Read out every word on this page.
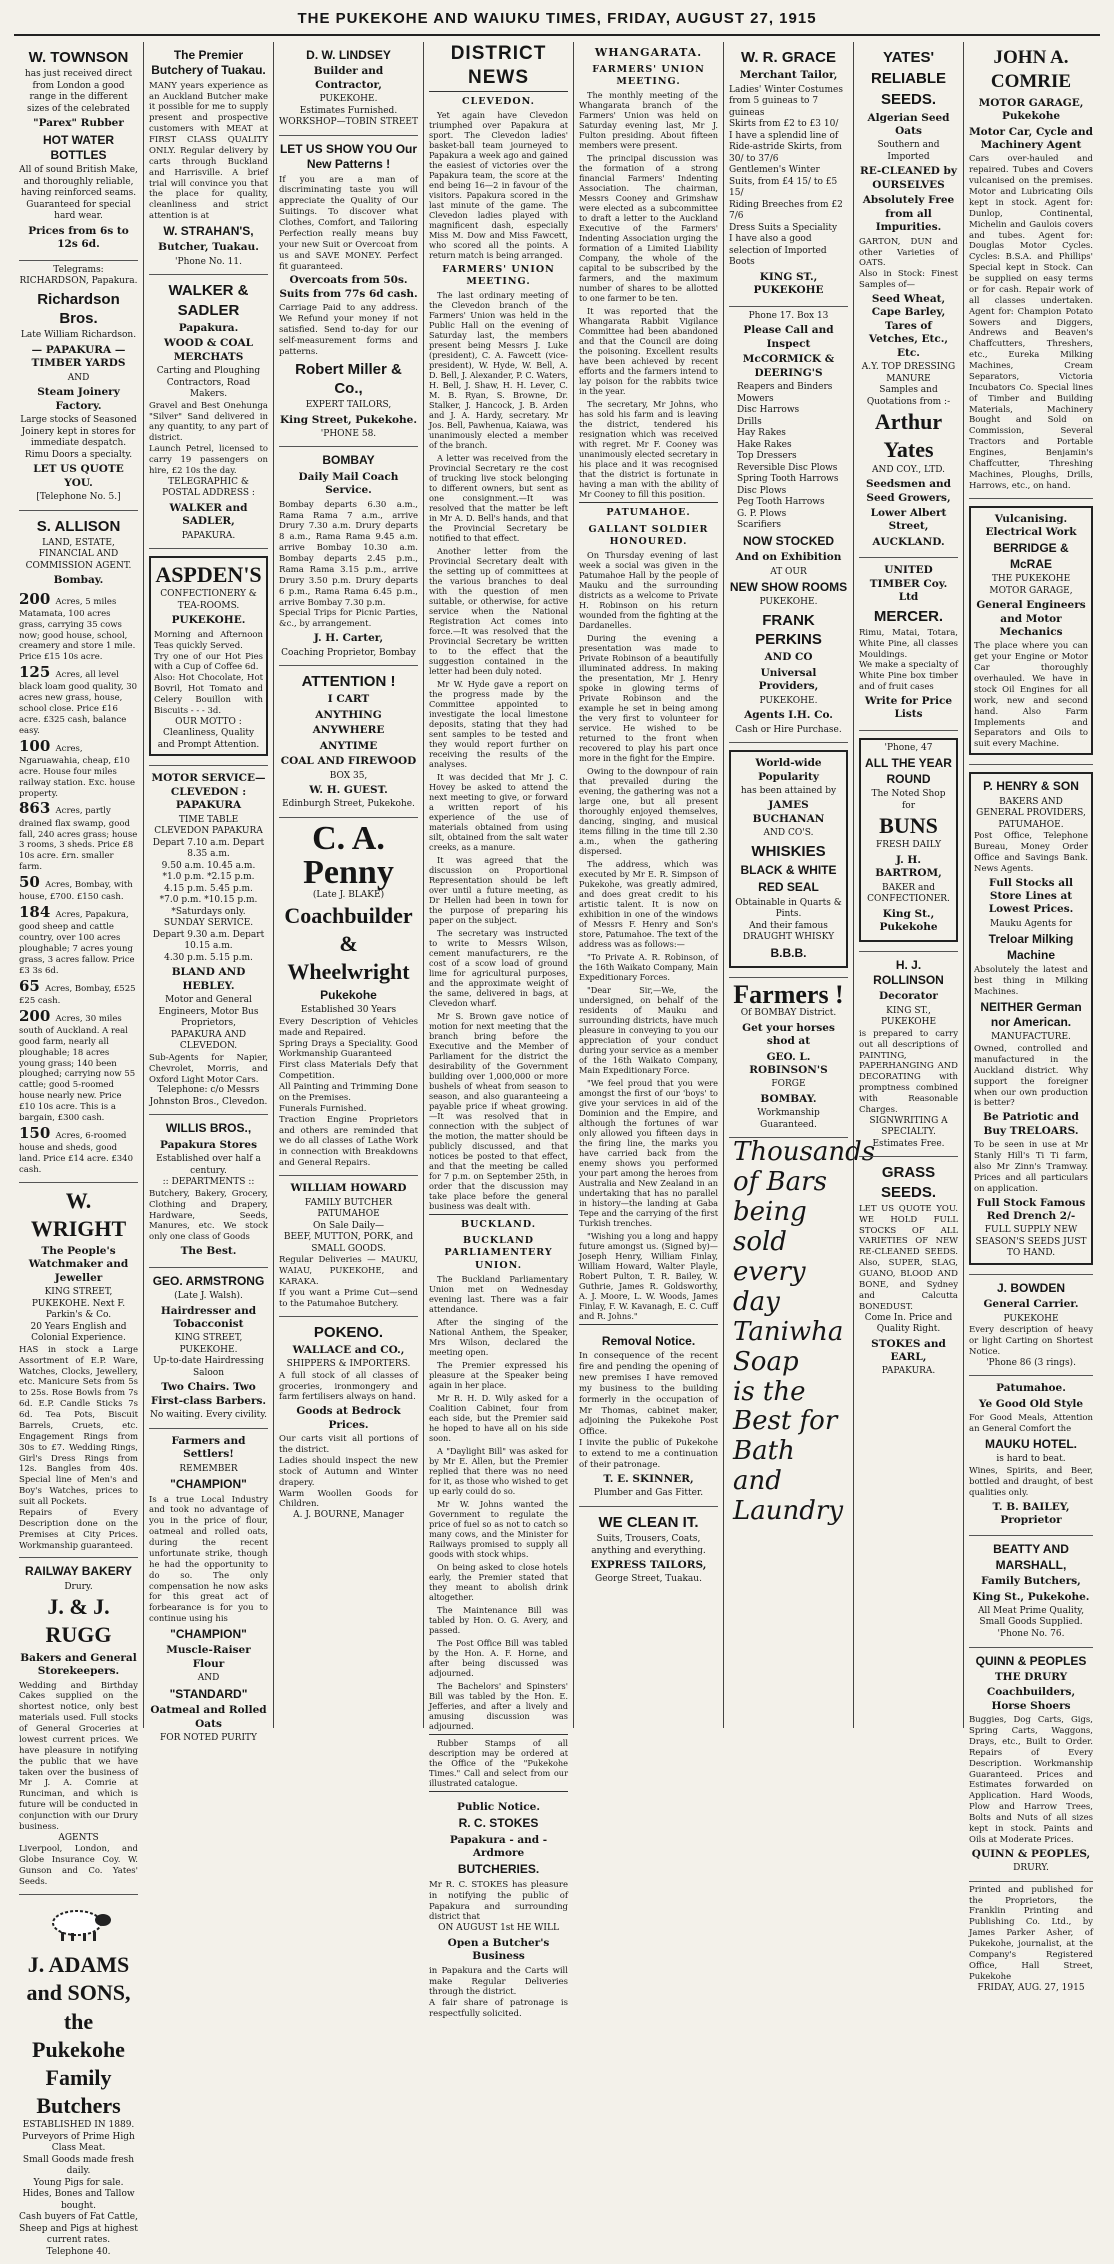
THE PUKEKOHE AND WAIUKU TIMES, FRIDAY, AUGUST 27, 1915
W. TOWNSON
has just received direct from London a good range in the different sizes of the celebrated
"Parex" Rubber
HOT WATER BOTTLES
All of sound British Make, and thoroughly reliable, having reinforced seams. Guaranteed for special hard wear.
Prices from 6s to 12s 6d.
Telegrams: RICHARDSON, Papakura.
Richardson Bros.
Late William Richardson.
— PAPAKURA — TIMBER YARDS
AND
Steam Joinery Factory.
Large stocks of Seasoned Joinery kept in stores for immediate despatch. Rimu Doors a specialty.
LET US QUOTE YOU.
[Telephone No. 5.]
S. ALLISON
LAND, ESTATE, FINANCIAL AND COMMISSION AGENT.
Bombay.
200 Acres, 5 miles Matamata, 100 acres grass, carrying 35 cows now; good house, school, creamery and store 1 mile. Price £15 10s acre.
125 Acres, all level black loam good quality, 30 acres new grass, house, school close. Price £16 acre. £325 cash, balance easy.
100 Acres, Ngaruawahia, cheap, £10 acre. House four miles railway station. Exc. house property.
863 Acres, partly drained flax swamp, good fall, 240 acres grass; house 3 rooms, 3 sheds. Price £8 10s acre. £rn. smaller farm.
50 Acres, Bombay, with house, £700. £150 cash.
184 Acres, Papakura, good sheep and cattle country, over 100 acres ploughable; 7 acres young grass, 3 acres fallow. Price £3 3s 6d.
65 Acres, Bombay, £525 £25 cash.
200 Acres, 30 miles south of Auckland. A real good farm, nearly all ploughable; 18 acres young grass; 140 been ploughed; carrying now 55 cattle; good 5-roomed house nearly new. Price £10 10s acre. This is a bargain, £300 cash.
150 Acres, 6-roomed house and sheds, good land. Price £14 acre. £340 cash.
W. WRIGHT
The People's Watchmaker and Jeweller
KING STREET, PUKEKOHE. Next F. Parkin's & Co.
20 Years English and Colonial Experience.
HAS in stock a Large Assortment of E.P. Ware, Watches, Clocks, Jewellery, etc. Manicure Sets from 5s to 25s. Rose Bowls from 7s 6d. E.P. Candle Sticks 7s 6d. Tea Pots, Biscuit Barrels, Cruets, etc. Engagement Rings from 30s to £7. Wedding Rings, Girl's Dress Rings from 12s. Bangles from 40s. Special line of Men's and Boy's Watches, prices to suit all Pockets.
Repairs of Every Description done on the Premises at City Prices. Workmanship guaranteed.
RAILWAY BAKERY
Drury.
J. & J. RUGG
Bakers and General Storekeepers.
Wedding and Birthday Cakes supplied on the shortest notice, only best materials used. Full stocks of General Groceries at lowest current prices. We have pleasure in notifying the public that we have taken over the business of Mr J. A. Comrie at Runciman, and which is future will be conducted in conjunction with our Drury business.
AGENTS
Liverpool, London, and Globe Insurance Coy. W. Gunson and Co. Yates' Seeds.
J. ADAMS
and SONS,
the Pukekohe
Family Butchers
ESTABLISHED IN 1889.
Purveyors of Prime High Class Meat.
Small Goods made fresh daily.
Young Pigs for sale. Hides, Bones and Tallow bought.
Cash buyers of Fat Cattle, Sheep and Pigs at highest current rates.
Telephone 40.
The Premier Butchery of Tuakau.
MANY years experience as an Auckland Butcher make it possible for me to supply present and prospective customers with MEAT at FIRST CLASS QUALITY ONLY. Regular delivery by carts through Buckland and Harrisville. A brief trial will convince you that the place for quality, cleanliness and strict attention is at
W. STRAHAN'S,
Butcher, Tuakau.
'Phone No. 11.
WALKER & SADLER
Papakura.
WOOD & COAL MERCHATS
Carting and Ploughing Contractors, Road Makers.
Gravel and Best Onehunga "Silver" Sand delivered in any quantity, to any part of district.
Launch Petrel, licensed to carry 19 passengers on hire, £2 10s the day.
TELEGRAPHIC & POSTAL ADDRESS :
WALKER and SADLER,
PAPAKURA.
ASPDEN'S
CONFECTIONERY & TEA-ROOMS.
PUKEKOHE.
Morning and Afternoon Teas quickly Served.
Try one of our Hot Pies with a Cup of Coffee 6d.
Also: Hot Chocolate, Hot Bovril, Hot Tomato and Celery Bouillon with Biscuits - - - 3d.
OUR MOTTO :
Cleanliness, Quality and Prompt Attention.
MOTOR SERVICE— CLEVEDON : PAPAKURA
TIME TABLE
CLEVEDON PAPAKURA
Depart 7.10 a.m. Depart 8.35 a.m.
9.50 a.m. 10.45 a.m.
*1.0 p.m. *2.15 p.m.
4.15 p.m. 5.45 p.m.
*7.0 p.m. *10.15 p.m.
*Saturdays only.
SUNDAY SERVICE.
Depart 9.30 a.m. Depart 10.15 a.m.
4.30 p.m. 5.15 p.m.
BLAND AND HEBLEY.
Motor and General Engineers, Motor Bus Proprietors,
PAPAKURA AND CLEVEDON.
Sub-Agents for Napier, Chevrolet, Morris, and Oxford Light Motor Cars.
Telephone: c/o Messrs Johnston Bros., Clevedon.
WILLIS BROS.,
Papakura Stores
Established over half a century.
:: DEPARTMENTS ::
Butchery, Bakery, Grocery, Clothing and Drapery, Hardware, Seeds, Manures, etc. We stock only one class of Goods
The Best.
GEO. ARMSTRONG
(Late J. Walsh).
Hairdresser and Tobacconist
KING STREET, PUKEKOHE.
Up-to-date Hairdressing Saloon
Two Chairs. Two First-class Barbers.
No waiting. Every civility.
Farmers and Settlers!
REMEMBER
"CHAMPION"
Is a true Local Industry and took no advantage of you in the price of flour, oatmeal and rolled oats, during the recent unfortunate strike, though he had the opportunity to do so. The only compensation he now asks for this great act of forbearance is for you to continue using his
"CHAMPION"
Muscle-Raiser Flour
AND
"STANDARD"
Oatmeal and Rolled Oats
FOR NOTED PURITY
D. W. LINDSEY
Builder and Contractor,
PUKEKOHE.
Estimates Furnished.
WORKSHOP—TOBIN STREET
LET US SHOW YOU Our New Patterns !
If you are a man of discriminating taste you will appreciate the Quality of Our Suitings. To discover what Clothes, Comfort, and Tailoring Perfection really means buy your new Suit or Overcoat from us and SAVE MONEY. Perfect fit guaranteed.
Overcoats from 50s. Suits from 77s 6d cash.
Carriage Paid to any address. We Refund your money if not satisfied. Send to-day for our self-measurement forms and patterns.
Robert Miller & Co.,
EXPERT TAILORS,
King Street, Pukekohe.
'PHONE 58.
BOMBAY
Daily Mail Coach Service.
Bombay departs 6.30 a.m., Rama Rama 7 a.m., arrive Drury 7.30 a.m. Drury departs 8 a.m., Rama Rama 9.45 a.m. arrive Bombay 10.30 a.m. Bombay departs 2.45 p.m., Rama Rama 3.15 p.m., arrive Drury 3.50 p.m. Drury departs 6 p.m., Rama Rama 6.45 p.m., arrive Bombay 7.30 p.m.
Special Trips for Picnic Parties, &c., by arrangement.
J. H. Carter,
Coaching Proprietor, Bombay
ATTENTION !
I CART
ANYTHING
ANYWHERE
ANYTIME
COAL AND FIREWOOD
BOX 35,
W. H. GUEST.
Edinburgh Street, Pukekohe.
C. A. Penny
(Late J. BLAKE)
Coachbuilder
& Wheelwright
Pukekohe
Established 30 Years
Every Description of Vehicles made and Repaired.
Spring Drays a Speciality. Good Workmanship Guaranteed
First class Materials Defy that Competition.
All Painting and Trimming Done on the Premises.
Funerals Furnished.
Traction Engine Proprietors and others are reminded that we do all classes of Lathe Work in connection with Breakdowns and General Repairs.
WILLIAM HOWARD
FAMILY BUTCHER
PATUMAHOE
On Sale Daily—
BEEF, MUTTON, PORK, and SMALL GOODS.
Regular Deliveries — MAUKU, WAIAU, PUKEKOHE, and KARAKA.
If you want a Prime Cut—send to the Patumahoe Butchery.
POKENO.
WALLACE and CO.,
SHIPPERS & IMPORTERS.
A full stock of all classes of groceries, ironmongery and farm fertilisers always on hand.
Goods at Bedrock Prices.
Our carts visit all portions of the district.
Ladies should inspect the new stock of Autumn and Winter drapery.
Warm Woollen Goods for Children.
A. J. BOURNE, Manager
DISTRICT NEWS
CLEVEDON.

Yet again have Clevedon triumphed over Papakura at sport. The Clevedon ladies' basket-ball team journeyed to Papakura a week ago and gained the easiest of victories over the Papakura team, the score at the end being 16—2 in favour of the visitors. Papakura scored in the last minute of the game. The Clevedon ladies played with magnificent dash, especially Miss M. Dow and Miss Fawcett, who scored all the points. A return match is being arranged.

FARMERS' UNION MEETING.

The last ordinary meeting of the Clevedon branch of the Farmers' Union was held in the Public Hall on the evening of Saturday last, the members present being Messrs J. Luke (president), C. A. Fawcett (vice-president), W. Hyde, W. Bell, A. D. Bell, J. Alexander, P. C. Waters, H. Bell, J. Shaw, H. H. Lever, C. M. B. Ryan, S. Browne, Dr. Stalker, J. Hancock, J. B. Arden and J. A. Hardy, secretary. Mr Jos. Bell, Pawhenua, Kaiawa, was unanimously elected a member of the branch.

A letter was received from the Provincial Secretary re the cost of trucking live stock belonging to different owners, but sent as one consignment.—It was resolved that the matter be left in Mr A. D. Bell's hands, and that the Provincial Secretary be notified to that effect.

Another letter from the Provincial Secretary dealt with the setting up of committees at the various branches to deal with the question of men suitable, or otherwise, for active service when the National Registration Act comes into force.—It was resolved that the Provincial Secretary be written to to the effect that the suggestion contained in the letter had been duly noted.

Mr W. Hyde gave a report on the progress made by the Committee appointed to investigate the local limestone deposits, stating that they had sent samples to be tested and they would report further on receiving the results of the analyses.

It was decided that Mr J. C. Hovey be asked to attend the next meeting to give, or forward a written report of his experience of the use of materials obtained from using silt, obtained from the salt water creeks, as a manure.

It was agreed that the discussion on Proportional Representation should be left over until a future meeting, as Dr Hellen had been in town for the purpose of preparing his paper on the subject.

The secretary was instructed to write to Messrs Wilson, cement manufacturers, re the cost of a scow load of ground lime for agricultural purposes, and the approximate weight of the same, delivered in bags, at Clevedon wharf.

Mr S. Brown gave notice of motion for next meeting that the branch bring before the Executive and the Member of Parliament for the district the desirability of the Government building over 1,000,000 or more bushels of wheat from season to season, and also guaranteeing a payable price if wheat growing.—It was resolved that in connection with the subject of the motion, the matter should be publicly discussed, and that notices be posted to that effect, and that the meeting be called for 7 p.m. on September 25th, in order that the discussion may take place before the general business was dealt with.

BUCKLAND.
BUCKLAND PARLIAMENTERY UNION.

The Buckland Parliamentary Union met on Wednesday evening last. There was a fair attendance.

After the singing of the National Anthem, the Speaker, Mrs Wilson, declared the meeting open.

The Premier expressed his pleasure at the Speaker being again in her place.

Mr R. H. D. Wily asked for a Coalition Cabinet, four from each side, but the Premier said he hoped to have all on his side soon.

A "Daylight Bill" was asked for by Mr E. Allen, but the Premier replied that there was no need for it, as those who wished to get up early could do so.

Mr W. Johns wanted the Government to regulate the price of fuel so as not to catch so many cows, and the Minister for Railways promised to supply all goods with stock whips.

On being asked to close hotels early, the Premier stated that they meant to abolish drink altogether.

The Maintenance Bill was tabled by Hon. O. G. Avery, and passed.

The Post Office Bill was tabled by the Hon. A. F. Horne, and after being discussed was adjourned.

The Bachelors' and Spinsters' Bill was tabled by the Hon. E. Jefferies, and after a lively and amusing discussion was adjourned.

Rubber Stamps of all description may be ordered at the Office of the "Pukekohe Times." Call and select from our illustrated catalogue.

Public Notice.
R. C. STOKES
Papakura - and - Ardmore
BUTCHERIES.
Mr R. C. STOKES has pleasure in notifying the public of Papakura and surrounding district that
ON AUGUST 1st HE WILL
Open a Butcher's Business
in Papakura and the Carts will make Regular Deliveries through the district.
A fair share of patronage is respectfully solicited.
WHANGARATA.
FARMERS' UNION MEETING.

The monthly meeting of the Whangarata branch of the Farmers' Union was held on Saturday evening last, Mr J. Fulton presiding. About fifteen members were present.

The principal discussion was the formation of a strong financial Farmers' Indenting Association. The chairman, Messrs Cooney and Grimshaw were elected as a subcommittee to draft a letter to the Auckland Executive of the Farmers' Indenting Association urging the formation of a Limited Liability Company, the whole of the capital to be subscribed by the farmers, and the maximum number of shares to be allotted to one farmer to be ten.

It was reported that the Whangarata Rabbit Vigilance Committee had been abandoned and that the Council are doing the poisoning. Excellent results have been achieved by recent efforts and the farmers intend to lay poison for the rabbits twice in the year.

The secretary, Mr Johns, who has sold his farm and is leaving the district, tendered his resignation which was received with regret. Mr F. Cooney was unanimously elected secretary in his place and it was recognised that the district is fortunate in having a man with the ability of Mr Cooney to fill this position.

PATUMAHOE.
GALLANT SOLDIER HONOURED.

On Thursday evening of last week a social was given in the Patumahoe Hall by the people of Mauku and the surrounding districts as a welcome to Private H. Robinson on his return wounded from the fighting at the Dardanelles.

During the evening a presentation was made to Private Robinson of a beautifully illuminated address. In making the presentation, Mr J. Henry spoke in glowing terms of Private Robinson and the example he set in being among the very first to volunteer for service. He wished to be returned to the front when recovered to play his part once more in the fight for the Empire.

Owing to the downpour of rain that prevailed during the evening, the gathering was not a large one, but all present thoroughly enjoyed themselves, dancing, singing, and musical items filling in the time till 2.30 a.m., when the gathering dispersed.

The address, which was executed by Mr E. R. Simpson of Pukekohe, was greatly admired, and does great credit to his artistic talent. It is now on exhibition in one of the windows of Messrs F. Henry and Son's store, Patumahoe. The text of the address was as follows:—

"To Private A. R. Robinson, of the 16th Waikato Company, Main Expeditionary Forces.

"Dear Sir,—We, the undersigned, on behalf of the residents of Mauku and surrounding districts, have much pleasure in conveying to you our appreciation of your conduct during your service as a member of the 16th Waikato Company, Main Expeditionary Force.

"We feel proud that you were amongst the first of our 'boys' to give your services in aid of the Dominion and the Empire, and although the fortunes of war only allowed you fifteen days in the firing line, the marks you have carried back from the enemy shows you performed your part among the heroes from Australia and New Zealand in an undertaking that has no parallel in history—the landing at Gaba Tepe and the carrying of the first Turkish trenches.

"Wishing you a long and happy future amongst us. (Signed by)—Joseph Henry, William Finlay, William Howard, Walter Playle, Robert Pulton, T. R. Bailey, W. Guthrie, James R. Goldsworthy, A. J. Moore, L. W. Woods, James Finlay, F. W. Kavanagh, E. C. Cuff and R. Johns."

Removal Notice.
In consequence of the recent fire and pending the opening of new premises I have removed my business to the building formerly in the occupation of Mr Thomas, cabinet maker, adjoining the Pukekohe Post Office.
I invite the public of Pukekohe to extend to me a continuation of their patronage.
T. E. SKINNER,
Plumber and Gas Fitter.
WE CLEAN IT.
Suits, Trousers, Coats, anything and everything.
EXPRESS TAILORS,
George Street, Tuakau.
W. R. GRACE
Merchant Tailor,
Ladies' Winter Costumes from 5 guineas to 7 guineas
Skirts from £2 to £3 10/
I have a splendid line of Ride-astride Skirts, from 30/ to 37/6
Gentlemen's Winter Suits, from £4 15/ to £5 15/
Riding Breeches from £2 7/6
Dress Suits a Speciality
I have also a good selection of Imported Boots
KING ST., PUKEKOHE
Phone 17. Box 13
Please Call and Inspect
McCORMICK & DEERING'S
Reapers and Binders
Mowers
Disc Harrows
Drills
Hay Rakes
Hake Rakes
Top Dressers
Reversible Disc Plows
Spring Tooth Harrows
Disc Plows
Peg Tooth Harrows
G. P. Plows
Scarifiers
NOW STOCKED
And on Exhibition
AT OUR
NEW SHOW ROOMS
PUKEKOHE.
FRANK PERKINS
AND CO
Universal Providers,
PUKEKOHE.
Agents I.H. Co.
Cash or Hire Purchase.
World-wide Popularity
has been attained by
JAMES BUCHANAN
AND CO'S.
WHISKIES
BLACK & WHITE
RED SEAL
Obtainable in Quarts & Pints.
And their famous
DRAUGHT WHISKY
B.B.B.
Farmers !
Of BOMBAY District.
Get your horses shod at
GEO. L. ROBINSON'S
FORGE
BOMBAY.
Workmanship Guaranteed.
Thousands
of Bars
being sold
every day
Taniwha
Soap
is the Best for
Bath and
Laundry
YATES'
RELIABLE
SEEDS.
Algerian Seed Oats
Southern and Imported
RE-CLEANED by OURSELVES
Absolutely Free from all Impurities.
GARTON, DUN and other Varieties of OATS.
Also in Stock: Finest Samples of—
Seed Wheat, Cape Barley, Tares of Vetches, Etc., Etc.
A.Y. TOP DRESSING MANURE
Samples and Quotations from :-
Arthur Yates
AND COY., LTD.
Seedsmen and Seed Growers,
Lower Albert Street,
AUCKLAND.
UNITED TIMBER Coy. Ltd
MERCER.
Rimu, Matai, Totara, White Pine, all classes Mouldings.
We make a specialty of White Pine box timber and of fruit cases
Write for Price Lists
'Phone, 47
ALL THE YEAR ROUND
The Noted Shop for
BUNS
FRESH DAILY
J. H. BARTROM,
BAKER and CONFECTIONER.
King St., Pukekohe
H. J. ROLLINSON
Decorator
KING ST., PUKEKOHE
is prepared to carry out all descriptions of PAINTING, PAPERHANGING AND DECORATING with promptness combined with Reasonable Charges.
SIGNWRITING A SPECIALTY. Estimates Free.
GRASS SEEDS.
LET US QUOTE YOU. WE HOLD FULL STOCKS OF ALL VARIETIES OF NEW RE-CLEANED SEEDS. Also, SUPER, SLAG, GUANO, BLOOD AND BONE, and Sydney and Calcutta BONEDUST.
Come In. Price and Quality Right.
STOKES and EARL,
PAPAKURA.
JOHN A. COMRIE
MOTOR GARAGE, Pukekohe
Motor Car, Cycle and Machinery Agent
Cars over-hauled and repaired. Tubes and Covers vulcanised on the premises. Motor and Lubricating Oils kept in stock. Agent for: Dunlop, Continental, Michelin and Gaulois covers and tubes. Agent for: Douglas Motor Cycles. Cycles: B.S.A. and Phillips' Special kept in Stock. Can be supplied on easy terms or for cash. Repair work of all classes undertaken. Agent for: Champion Potato Sowers and Diggers, Andrews and Beaven's Chaffcutters, Threshers, etc., Eureka Milking Machines, Cream Separators, Victoria Incubators Co. Special lines of Timber and Building Materials, Machinery Bought and Sold on Commission, Several Tractors and Portable Engines, Benjamin's Chaffcutter, Threshing Machines, Ploughs, Drills, Harrows, etc., on hand.
Vulcanising. Electrical Work
BERRIDGE & McRAE
THE PUKEKOHE MOTOR GARAGE,
General Engineers and Motor Mechanics
The place where you can get your Engine or Motor Car thoroughly overhauled. We have in stock Oil Engines for all work, new and second hand. Also Farm Implements and Separators and Oils to suit every Machine.
P. HENRY & SON
BAKERS AND GENERAL PROVIDERS, PATUMAHOE.
Post Office, Telephone Bureau, Money Order Office and Savings Bank. News Agents.
Full Stocks all Store Lines at Lowest Prices.
Mauku Agents for
Treloar Milking Machine
Absolutely the latest and best thing in Milking Machines.
NEITHER German nor American.
MANUFACTURE.
Owned, controlled and manufactured in the Auckland district. Why support the foreigner when our own production is better?
Be Patriotic and Buy TRELOARS.
To be seen in use at Mr Stanly Hill's Ti Ti farm, also Mr Zinn's Tramway. Prices and all particulars on application.
Full Stock Famous Red Drench 2/-
FULL SUPPLY NEW SEASON'S SEEDS JUST TO HAND.
J. BOWDEN
General Carrier.
PUKEKOHE
Every description of heavy or light Carting on Shortest Notice.
'Phone 86 (3 rings).
Patumahoe.
Ye Good Old Style
For Good Meals, Attention an General Comfort the
MAUKU HOTEL.
is hard to beat.
Wines, Spirits, and Beer, bottled and draught, of best qualities only.
T. B. BAILEY, Proprietor
BEATTY AND MARSHALL,
Family Butchers,
King St., Pukekohe.
All Meat Prime Quality,
Small Goods Supplied.
'Phone No. 76.
QUINN & PEOPLES
THE DRURY
Coachbuilders, Horse Shoers
Buggies, Dog Carts, Gigs, Spring Carts, Waggons, Drays, etc., Built to Order. Repairs of Every Description. Workmanship Guaranteed. Prices and Estimates forwarded on Application. Hard Woods, Plow and Harrow Trees, Bolts and Nuts of all sizes kept in stock. Paints and Oils at Moderate Prices.
QUINN & PEOPLES,
DRURY.
Printed and published for the Proprietors, the Franklin Printing and Publishing Co. Ltd., by James Parker Asher, of Pukekohe, journalist, at the Company's Registered Office, Hall Street, Pukekohe
FRIDAY, AUG. 27, 1915
